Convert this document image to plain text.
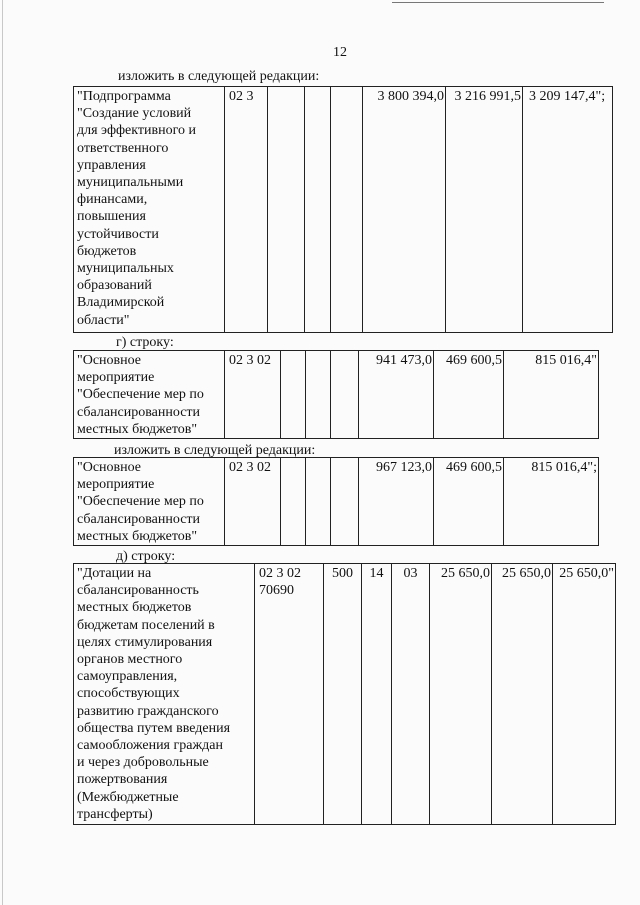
12
изложить в следующей редакции:
"Подпрограмма
"Создание условий
для эффективного и
ответственного
управления
муниципальными
финансами,
повышения
устойчивости
бюджетов
муниципальных
образований
Владимирской
области"
	02 3				3 800 394,0	3 216 991,5	3 209 147,4";
г) строку:
"Основное
мероприятие
"Обеспечение мер по
сбалансированности
местных бюджетов"
	02 3 02				941 473,0	469 600,5	815 016,4"
изложить в следующей редакции:
"Основное
мероприятие
"Обеспечение мер по
сбалансированности
местных бюджетов"
	02 3 02				967 123,0	469 600,5	815 016,4";
д) строку:
"Дотации на
сбалансированность
местных бюджетов
бюджетам поселений в
целях стимулирования
органов местного
самоуправления,
способствующих
развитию гражданского
общества путем введения
самообложения граждан
и через добровольные
пожертвования
(Межбюджетные
трансферты)

02 3 02
70690
	500	14	03	25 650,0	25 650,0	25 650,0"
